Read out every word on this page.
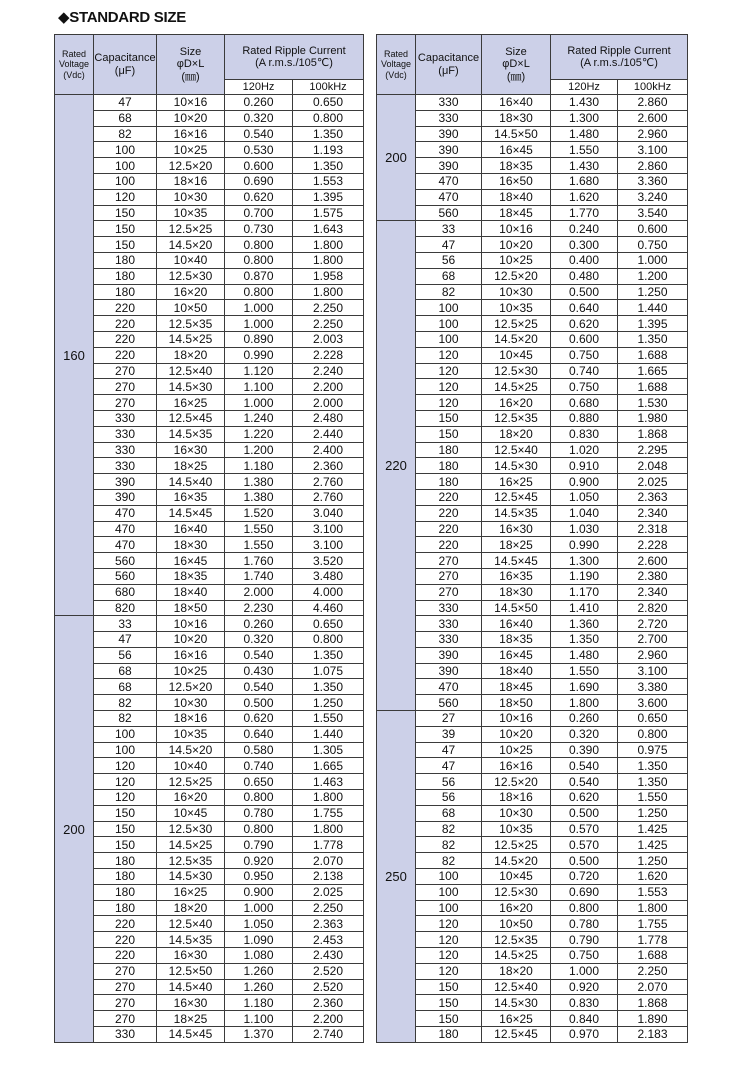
◆STANDARD SIZE
Rated
Voltage
(Vdc)	Capacitance
(μF)	Size
φD×L
(㎜)	Rated Ripple Current
(A r.m.s./105℃)	
			120Hz	100kHz
160	47	10×16	0.260	0.650
	68	10×20	0.320	0.800
	82	16×16	0.540	1.350
	100	10×25	0.530	1.193
	100	12.5×20	0.600	1.350
	100	18×16	0.690	1.553
	120	10×30	0.620	1.395
	150	10×35	0.700	1.575
	150	12.5×25	0.730	1.643
	150	14.5×20	0.800	1.800
	180	10×40	0.800	1.800
	180	12.5×30	0.870	1.958
	180	16×20	0.800	1.800
	220	10×50	1.000	2.250
	220	12.5×35	1.000	2.250
	220	14.5×25	0.890	2.003
	220	18×20	0.990	2.228
	270	12.5×40	1.120	2.240
	270	14.5×30	1.100	2.200
	270	16×25	1.000	2.000
	330	12.5×45	1.240	2.480
	330	14.5×35	1.220	2.440
	330	16×30	1.200	2.400
	330	18×25	1.180	2.360
	390	14.5×40	1.380	2.760
	390	16×35	1.380	2.760
	470	14.5×45	1.520	3.040
	470	16×40	1.550	3.100
	470	18×30	1.550	3.100
	560	16×45	1.760	3.520
	560	18×35	1.740	3.480
	680	18×40	2.000	4.000
	820	18×50	2.230	4.460
200	33	10×16	0.260	0.650
	47	10×20	0.320	0.800
	56	16×16	0.540	1.350
	68	10×25	0.430	1.075
	68	12.5×20	0.540	1.350
	82	10×30	0.500	1.250
	82	18×16	0.620	1.550
	100	10×35	0.640	1.440
	100	14.5×20	0.580	1.305
	120	10×40	0.740	1.665
	120	12.5×25	0.650	1.463
	120	16×20	0.800	1.800
	150	10×45	0.780	1.755
	150	12.5×30	0.800	1.800
	150	14.5×25	0.790	1.778
	180	12.5×35	0.920	2.070
	180	14.5×30	0.950	2.138
	180	16×25	0.900	2.025
	180	18×20	1.000	2.250
	220	12.5×40	1.050	2.363
	220	14.5×35	1.090	2.453
	220	16×30	1.080	2.430
	270	12.5×50	1.260	2.520
	270	14.5×40	1.260	2.520
	270	16×30	1.180	2.360
	270	18×25	1.100	2.200
	330	14.5×45	1.370	2.740
Rated
Voltage
(Vdc)	Capacitance
(μF)	Size
φD×L
(㎜)	Rated Ripple Current
(A r.m.s./105℃)	
			120Hz	100kHz
200	330	16×40	1.430	2.860
	330	18×30	1.300	2.600
	390	14.5×50	1.480	2.960
	390	16×45	1.550	3.100
	390	18×35	1.430	2.860
	470	16×50	1.680	3.360
	470	18×40	1.620	3.240
	560	18×45	1.770	3.540
220	33	10×16	0.240	0.600
	47	10×20	0.300	0.750
	56	10×25	0.400	1.000
	68	12.5×20	0.480	1.200
	82	10×30	0.500	1.250
	100	10×35	0.640	1.440
	100	12.5×25	0.620	1.395
	100	14.5×20	0.600	1.350
	120	10×45	0.750	1.688
	120	12.5×30	0.740	1.665
	120	14.5×25	0.750	1.688
	120	16×20	0.680	1.530
	150	12.5×35	0.880	1.980
	150	18×20	0.830	1.868
	180	12.5×40	1.020	2.295
	180	14.5×30	0.910	2.048
	180	16×25	0.900	2.025
	220	12.5×45	1.050	2.363
	220	14.5×35	1.040	2.340
	220	16×30	1.030	2.318
	220	18×25	0.990	2.228
	270	14.5×45	1.300	2.600
	270	16×35	1.190	2.380
	270	18×30	1.170	2.340
	330	14.5×50	1.410	2.820
	330	16×40	1.360	2.720
	330	18×35	1.350	2.700
	390	16×45	1.480	2.960
	390	18×40	1.550	3.100
	470	18×45	1.690	3.380
	560	18×50	1.800	3.600
250	27	10×16	0.260	0.650
	39	10×20	0.320	0.800
	47	10×25	0.390	0.975
	47	16×16	0.540	1.350
	56	12.5×20	0.540	1.350
	56	18×16	0.620	1.550
	68	10×30	0.500	1.250
	82	10×35	0.570	1.425
	82	12.5×25	0.570	1.425
	82	14.5×20	0.500	1.250
	100	10×45	0.720	1.620
	100	12.5×30	0.690	1.553
	100	16×20	0.800	1.800
	120	10×50	0.780	1.755
	120	12.5×35	0.790	1.778
	120	14.5×25	0.750	1.688
	120	18×20	1.000	2.250
	150	12.5×40	0.920	2.070
	150	14.5×30	0.830	1.868
	150	16×25	0.840	1.890
	180	12.5×45	0.970	2.183
